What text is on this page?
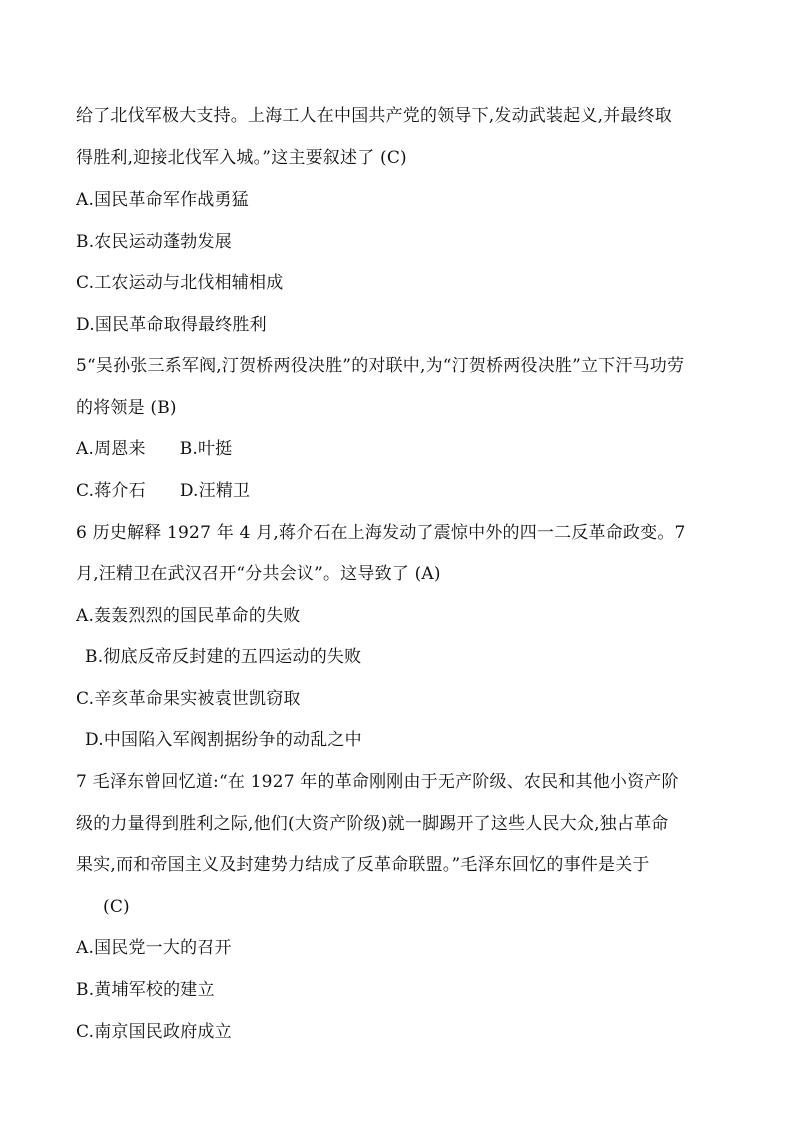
给了北伐军极大支持。上海工人在中国共产党的领导下,发动武装起义,并最终取
得胜利,迎接北伐军入城。”这主要叙述了 (C)
A.国民革命军作战勇猛
B.农民运动蓬勃发展
C.工农运动与北伐相辅相成
D.国民革命取得最终胜利
5“吴孙张三系军阀,汀贺桥两役决胜”的对联中,为“汀贺桥两役决胜”立下汗马功劳
的将领是 (B)
A.周恩来 B.叶挺
C.蒋介石 D.汪精卫
6 历史解释 1927 年 4 月,蒋介石在上海发动了震惊中外的四一二反革命政变。7
月,汪精卫在武汉召开“分共会议”。这导致了 (A)
A.轰轰烈烈的国民革命的失败
B.彻底反帝反封建的五四运动的失败
C.辛亥革命果实被袁世凯窃取
D.中国陷入军阀割据纷争的动乱之中
7 毛泽东曾回忆道:“在 1927 年的革命刚刚由于无产阶级、农民和其他小资产阶
级的力量得到胜利之际,他们(大资产阶级)就一脚踢开了这些人民大众,独占革命
果实,而和帝国主义及封建势力结成了反革命联盟。”毛泽东回忆的事件是关于
(C)
A.国民党一大的召开
B.黄埔军校的建立
C.南京国民政府成立
